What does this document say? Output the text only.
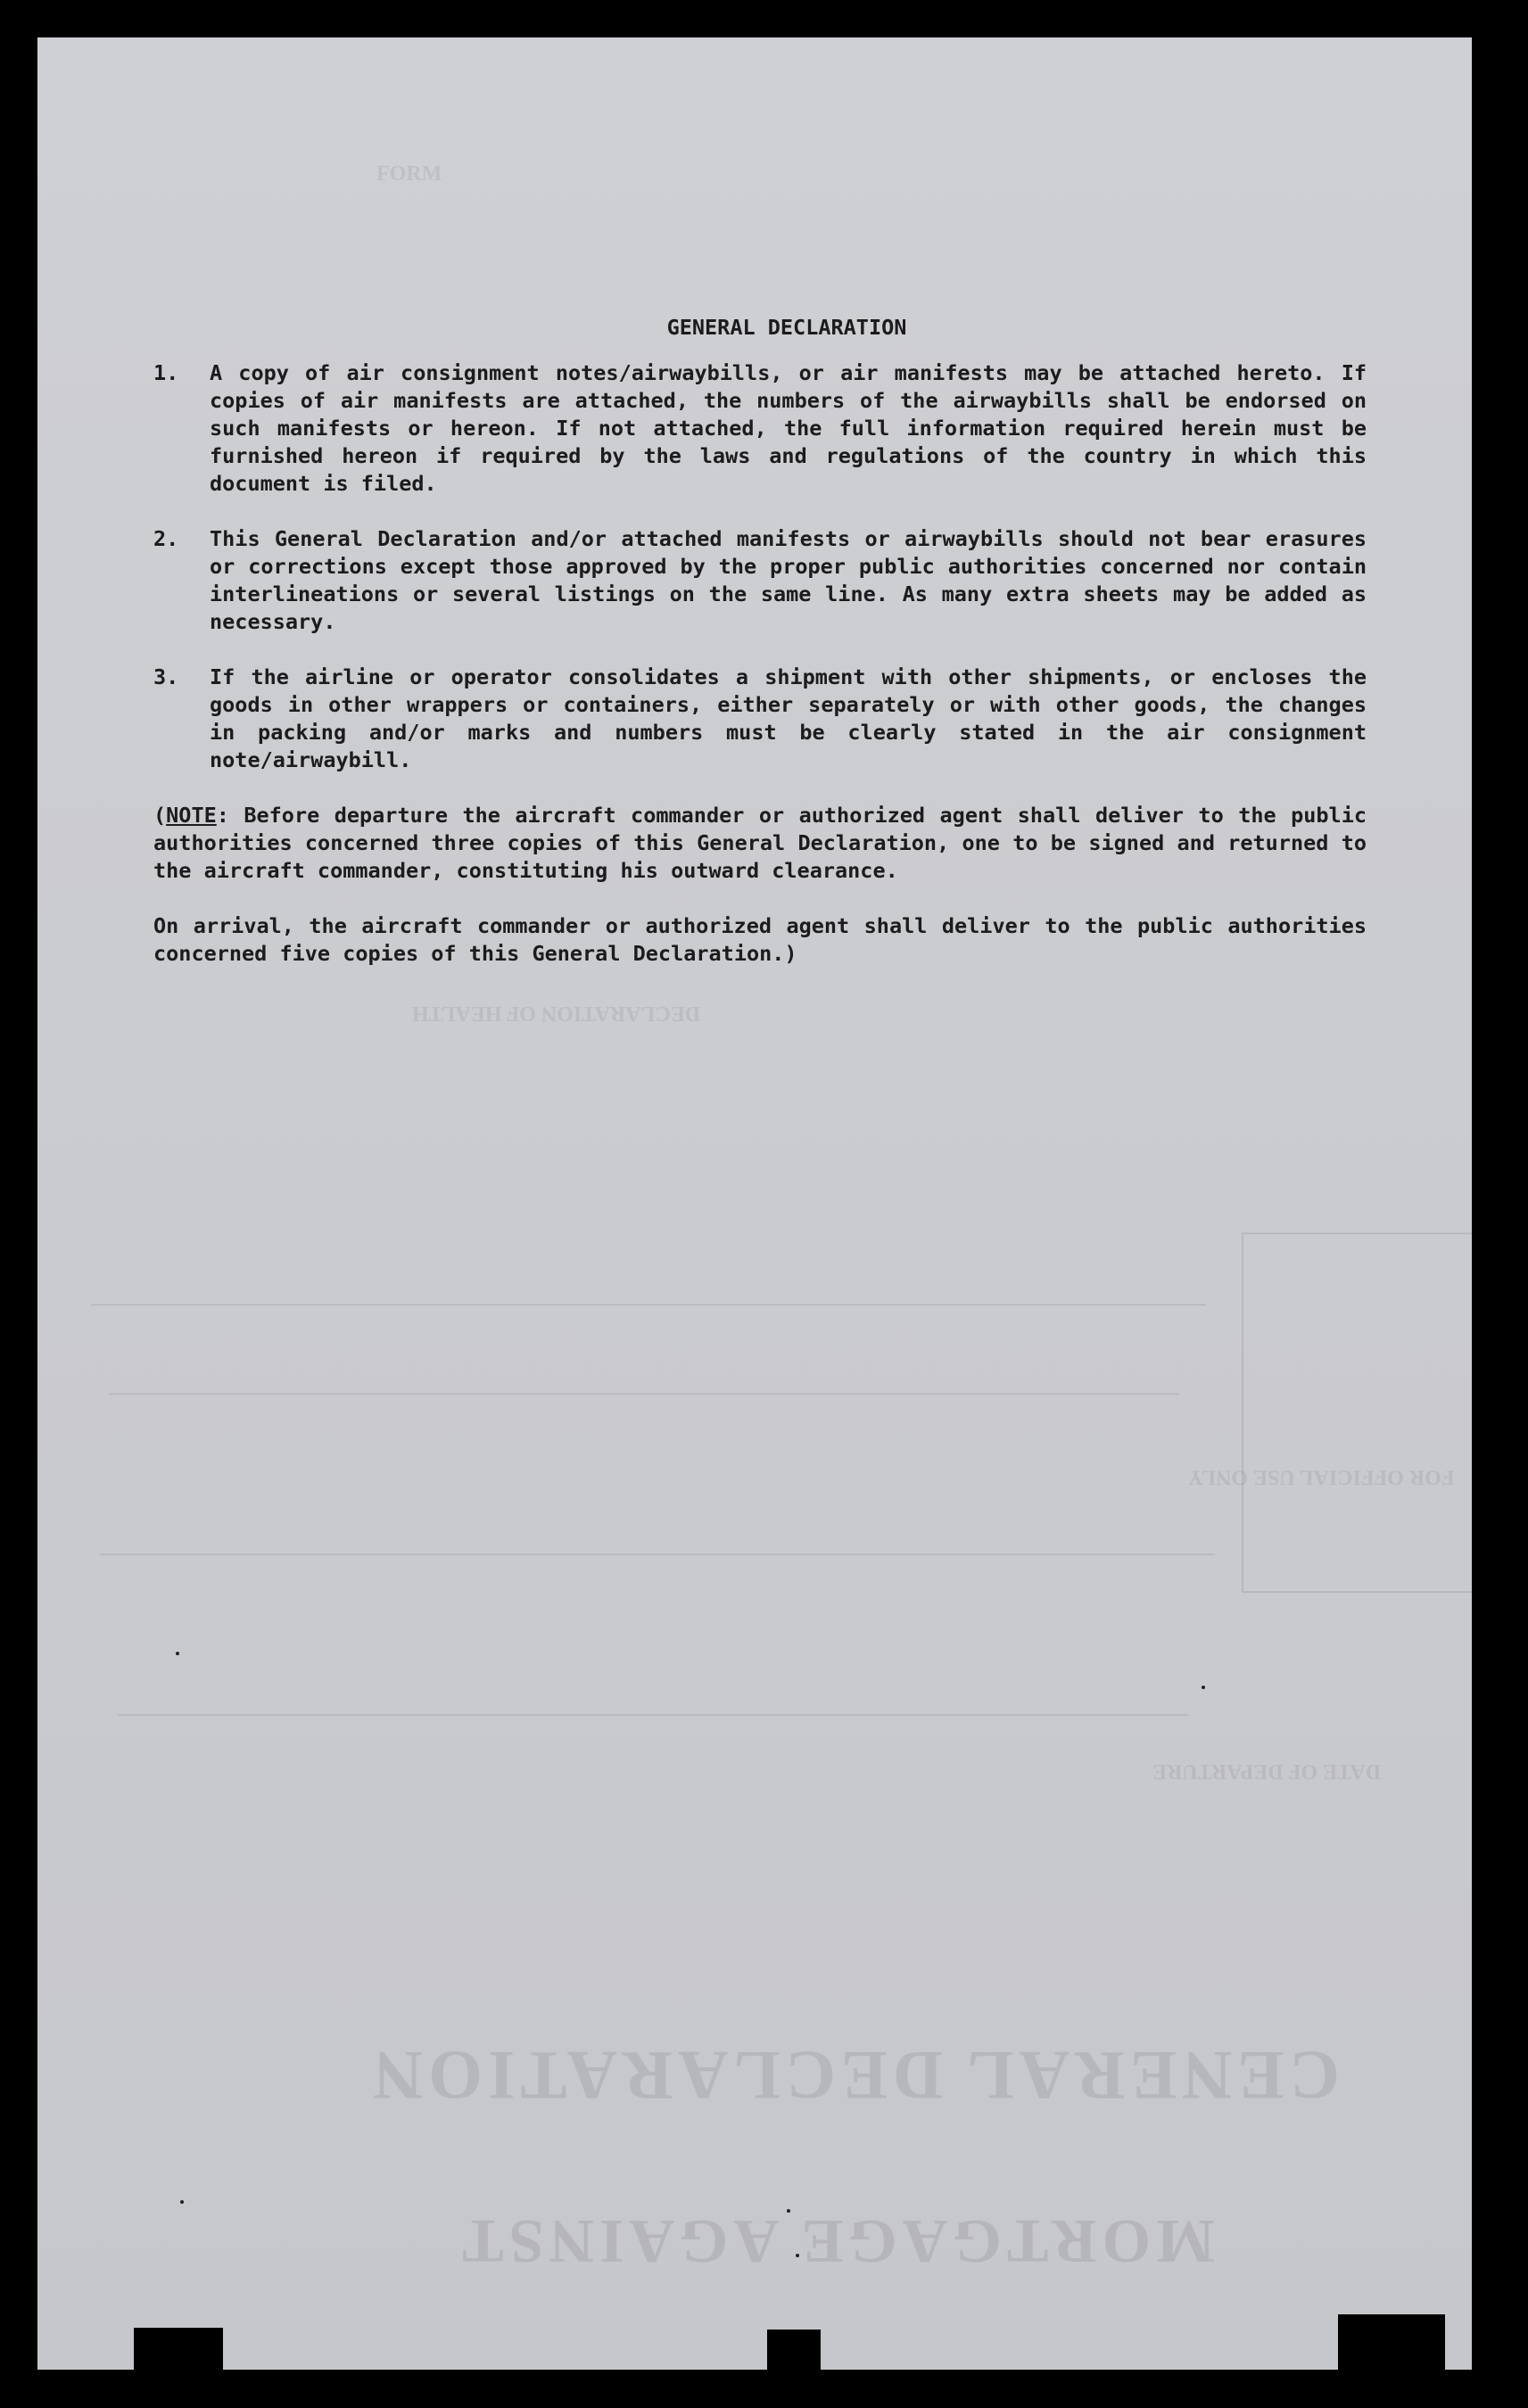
CENERAL DECLARATION
MORTGAGE AGAINST
FOR OFFICIAL USE ONLY
DATE OF DEPARTURE
DECLARATION OF HEALTH
FORM
GENERAL DECLARATION
1. A copy of air consignment notes/airwaybills, or air manifests may be attached hereto. If copies of air manifests are attached, the numbers of the airwaybills shall be endorsed on such manifests or hereon. If not attached, the full information required herein must be furnished hereon if required by the laws and regulations of the country in which this document is filed.
2. This General Declaration and/or attached manifests or airwaybills should not bear erasures or corrections except those approved by the proper public authorities concerned nor contain interlineations or several listings on the same line. As many extra sheets may be added as necessary.
3. If the airline or operator consolidates a shipment with other shipments, or encloses the goods in other wrappers or containers, either separately or with other goods, the changes in packing and/or marks and numbers must be clearly stated in the air consignment note/airwaybill.

(NOTE: Before departure the aircraft commander or authorized agent shall deliver to the public authorities concerned three copies of this General Declaration, one to be signed and returned to the aircraft commander, constituting his outward clearance.

On arrival, the aircraft commander or authorized agent shall deliver to the public authorities concerned five copies of this General Declaration.)
